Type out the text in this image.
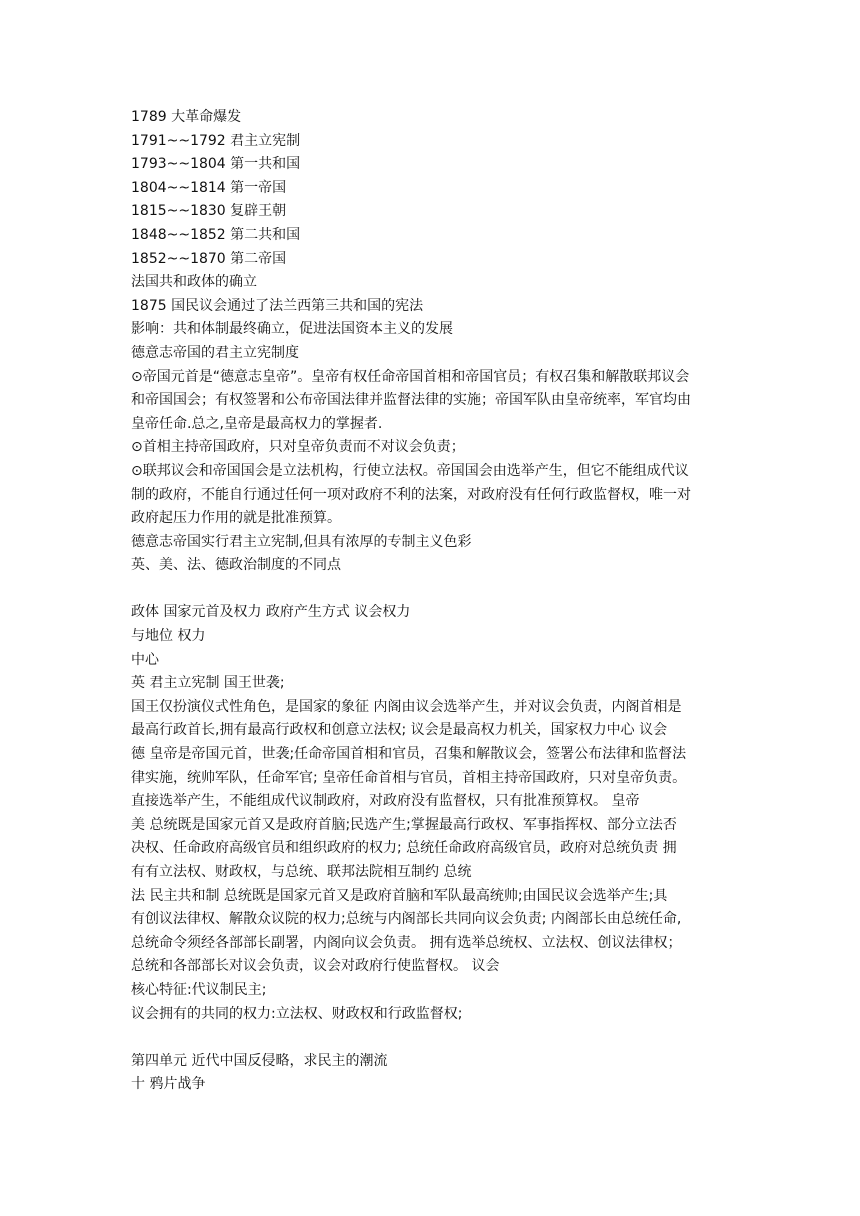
1789 大革命爆发
1791~~1792 君主立宪制
1793~~1804 第一共和国
1804~~1814 第一帝国
1815~~1830 复辟王朝
1848~~1852 第二共和国
1852~~1870 第二帝国
法国共和政体的确立
1875 国民议会通过了法兰西第三共和国的宪法
影响：共和体制最终确立，促进法国资本主义的发展
德意志帝国的君主立宪制度
⊙帝国元首是“德意志皇帝”。皇帝有权任命帝国首相和帝国官员；有权召集和解散联邦议会
和帝国国会；有权签署和公布帝国法律并监督法律的实施；帝国军队由皇帝统率，军官均由
皇帝任命.总之,皇帝是最高权力的掌握者.
⊙首相主持帝国政府，只对皇帝负责而不对议会负责；
⊙联邦议会和帝国国会是立法机构，行使立法权。帝国国会由选举产生，但它不能组成代议
制的政府，不能自行通过任何一项对政府不利的法案，对政府没有任何行政监督权，唯一对
政府起压力作用的就是批准预算。
德意志帝国实行君主立宪制,但具有浓厚的专制主义色彩
英、美、法、德政治制度的不同点
政体 国家元首及权力 政府产生方式 议会权力
与地位 权力
中心
英 君主立宪制 国王世袭;
国王仅扮演仪式性角色，是国家的象征 内阁由议会选举产生，并对议会负责，内阁首相是
最高行政首长,拥有最高行政权和创意立法权; 议会是最高权力机关，国家权力中心 议会
德 皇帝是帝国元首，世袭;任命帝国首相和官员，召集和解散议会，签署公布法律和监督法
律实施，统帅军队，任命军官; 皇帝任命首相与官员，首相主持帝国政府，只对皇帝负责。
直接选举产生，不能组成代议制政府，对政府没有监督权，只有批准预算权。 皇帝
美 总统既是国家元首又是政府首脑;民选产生;掌握最高行政权、军事指挥权、部分立法否
决权、任命政府高级官员和组织政府的权力; 总统任命政府高级官员，政府对总统负责 拥
有有立法权、财政权，与总统、联邦法院相互制约 总统
法 民主共和制 总统既是国家元首又是政府首脑和军队最高统帅;由国民议会选举产生;具
有创议法律权、解散众议院的权力;总统与内阁部长共同向议会负责; 内阁部长由总统任命,
总统命令须经各部部长副署，内阁向议会负责。 拥有选举总统权、立法权、创议法律权；
总统和各部部长对议会负责，议会对政府行使监督权。 议会
核心特征:代议制民主;
议会拥有的共同的权力:立法权、财政权和行政监督权;
第四单元 近代中国反侵略，求民主的潮流
十 鸦片战争
